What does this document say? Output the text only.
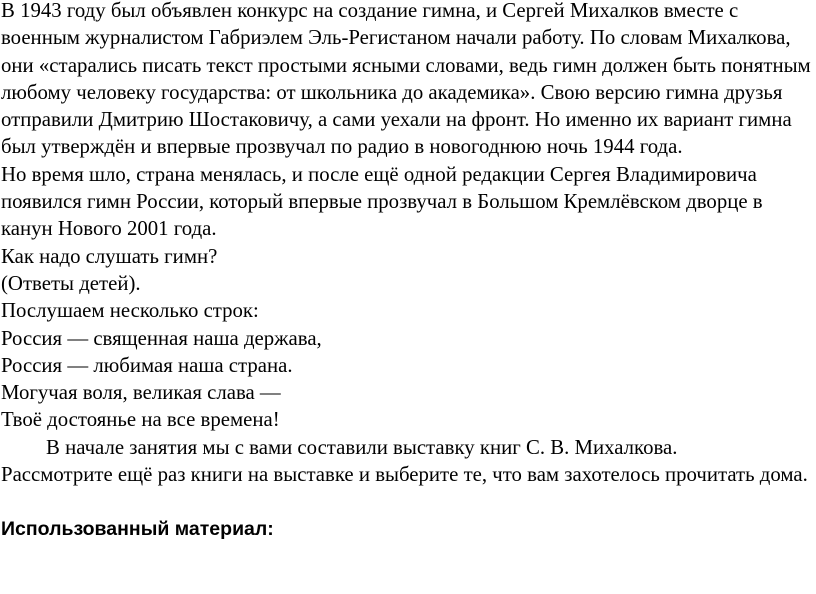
В 1943 году был объявлен конкурс на создание гимна, и Сергей Михалков вместе с
военным журналистом Габриэлем Эль-Регистаном начали работу. По словам Михалкова,
они «старались писать текст простыми ясными словами, ведь гимн должен быть понятным
любому человеку государства: от школьника до академика». Свою версию гимна друзья
отправили Дмитрию Шостаковичу, а сами уехали на фронт. Но именно их вариант гимна
был утверждён и впервые прозвучал по радио в новогоднюю ночь 1944 года.
Но время шло, страна менялась, и после ещё одной редакции Сергея Владимировича
появился гимн России, который впервые прозвучал в Большом Кремлёвском дворце в
канун Нового 2001 года.
Как надо слушать гимн?
(Ответы детей).
Послушаем несколько строк:
Россия — священная наша держава,
Россия — любимая наша страна.
Могучая воля, великая слава —
Твоё достоянье на все времена!
В начале занятия мы с вами составили выставку книг С. В. Михалкова.
Рассмотрите ещё раз книги на выставке и выберите те, что вам захотелось прочитать дома.
Использованный материал:
